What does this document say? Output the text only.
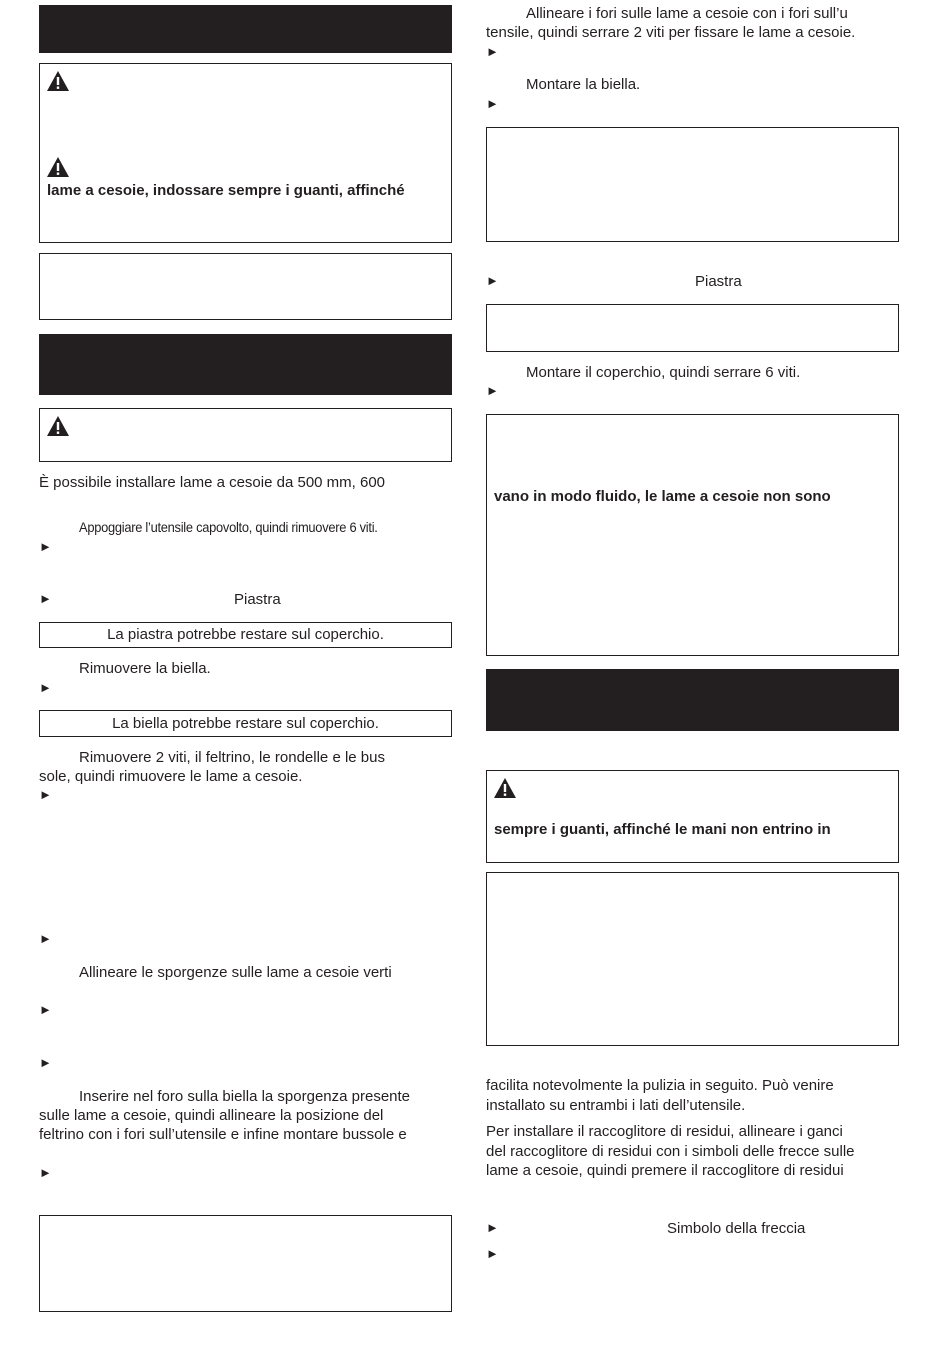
lame a cesoie, indossare sempre i guanti, affinché
È possibile installare lame a cesoie da 500 mm, 600
Appoggiare l’utensile capovolto, quindi rimuovere 6 viti.
►
►	Piastra
La piastra potrebbe restare sul coperchio.
Rimuovere la biella.
►
La biella potrebbe restare sul coperchio.
Rimuovere 2 viti, il feltrino, le rondelle e le bus
sole, quindi rimuovere le lame a cesoie.
►
►
Allineare le sporgenze sulle lame a cesoie verti
►
►
Inserire nel foro sulla biella la sporgenza presente
sulle lame a cesoie, quindi allineare la posizione del
feltrino con i fori sull’utensile e infine montare bussole e
►
Allineare i fori sulle lame a cesoie con i fori sull’u
tensile, quindi serrare 2 viti per fissare le lame a cesoie.
►
Montare la biella.
►
►	Piastra
Montare il coperchio, quindi serrare 6 viti.
►
vano in modo fluido, le lame a cesoie non sono
sempre i guanti, affinché le mani non entrino in
facilita notevolmente la pulizia in seguito. Può venire
installato su entrambi i lati dell’utensile.
Per installare il raccoglitore di residui, allineare i ganci
del raccoglitore di residui con i simboli delle frecce sulle
lame a cesoie, quindi premere il raccoglitore di residui
►	Simbolo della freccia
►
